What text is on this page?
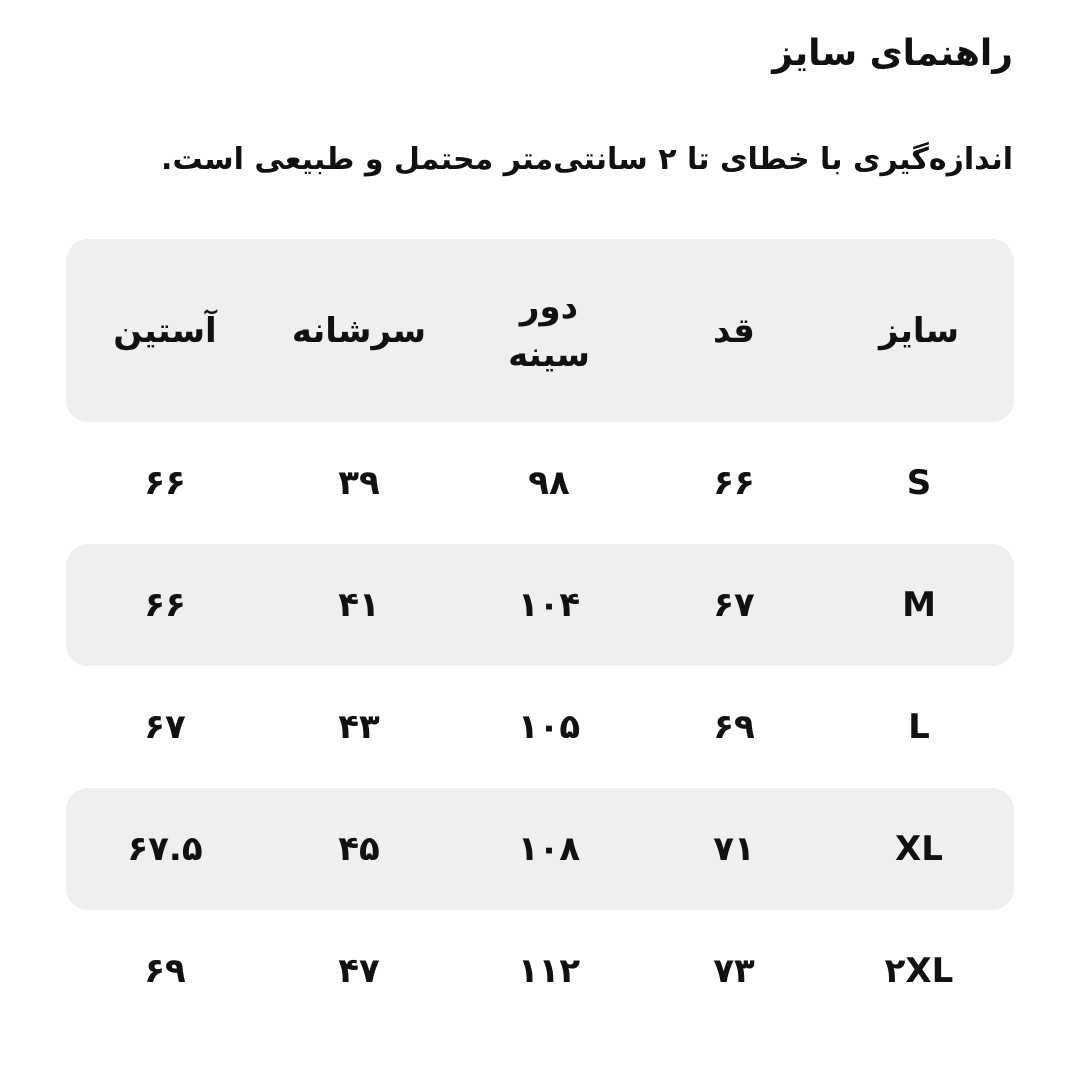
راهنمای سایز
اندازه‌گیری با خطای تا ۲ سانتی‌متر محتمل و طبیعی است.
سایز
قد
دور
سینه
سرشانه
آستین
S
۶۶
۹۸
۳۹
۶۶
M
۶۷
۱۰۴
۴۱
۶۶
L
۶۹
۱۰۵
۴۳
۶۷
XL
۷۱
۱۰۸
۴۵
۶۷.۵
۲XL
۷۳
۱۱۲
۴۷
۶۹
